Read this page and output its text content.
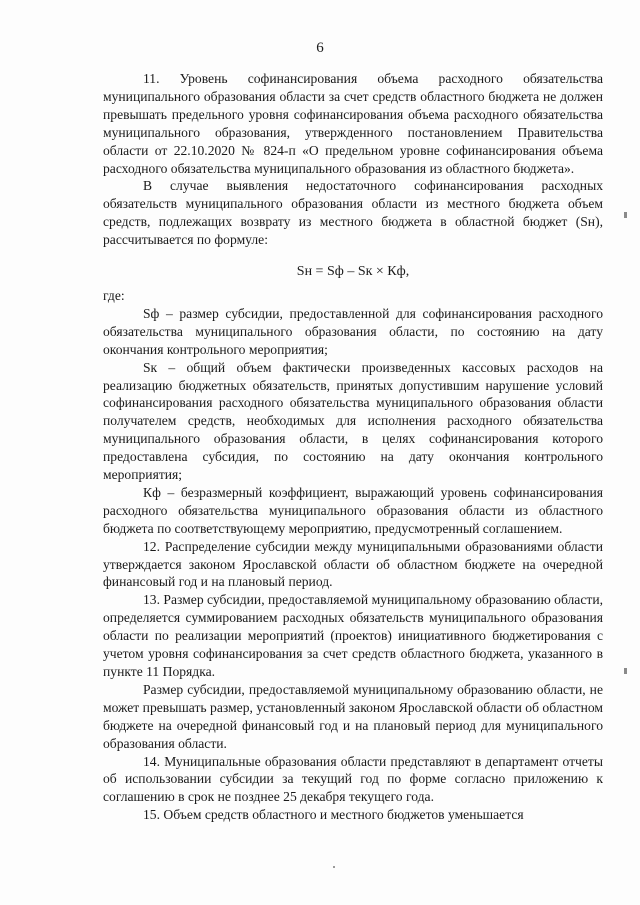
6

11. Уровень софинансирования объема расходного обязательства муниципального образования области за счет средств областного бюджета не должен превышать предельного уровня софинансирования объема расходного обязательства муниципального образования, утвержденного постановлением Правительства области от 22.10.2020 № 824-п «О предельном уровне софинансирования объема расходного обязательства муниципального образования из областного бюджета».

В случае выявления недостаточного софинансирования расходных обязательств муниципального образования области из местного бюджета объем средств, подлежащих возврату из местного бюджета в областной бюджет (Sн), рассчитывается по формуле:

Sн = Sф – Sк × Кф,

где:

Sф – размер субсидии, предоставленной для софинансирования расходного обязательства муниципального образования области, по состоянию на дату окончания контрольного мероприятия;

Sк – общий объем фактически произведенных кассовых расходов на реализацию бюджетных обязательств, принятых допустившим нарушение условий софинансирования расходного обязательства муниципального образования области получателем средств, необходимых для исполнения расходного обязательства муниципального образования области, в целях софинансирования которого предоставлена субсидия, по состоянию на дату окончания контрольного мероприятия;

Кф – безразмерный коэффициент, выражающий уровень софинансирования расходного обязательства муниципального образования области из областного бюджета по соответствующему мероприятию, предусмотренный соглашением.

12. Распределение субсидии между муниципальными образованиями области утверждается законом Ярославской области об областном бюджете на очередной финансовый год и на плановый период.

13. Размер субсидии, предоставляемой муниципальному образованию области, определяется суммированием расходных обязательств муниципального образования области по реализации мероприятий (проектов) инициативного бюджетирования с учетом уровня софинансирования за счет средств областного бюджета, указанного в пункте 11 Порядка.

Размер субсидии, предоставляемой муниципальному образованию области, не может превышать размер, установленный законом Ярославской области об областном бюджете на очередной финансовый год и на плановый период для муниципального образования области.

14. Муниципальные образования области представляют в департамент отчеты об использовании субсидии за текущий год по форме согласно приложению к соглашению в срок не позднее 25 декабря текущего года.

15. Объем средств областного и местного бюджетов уменьшается
